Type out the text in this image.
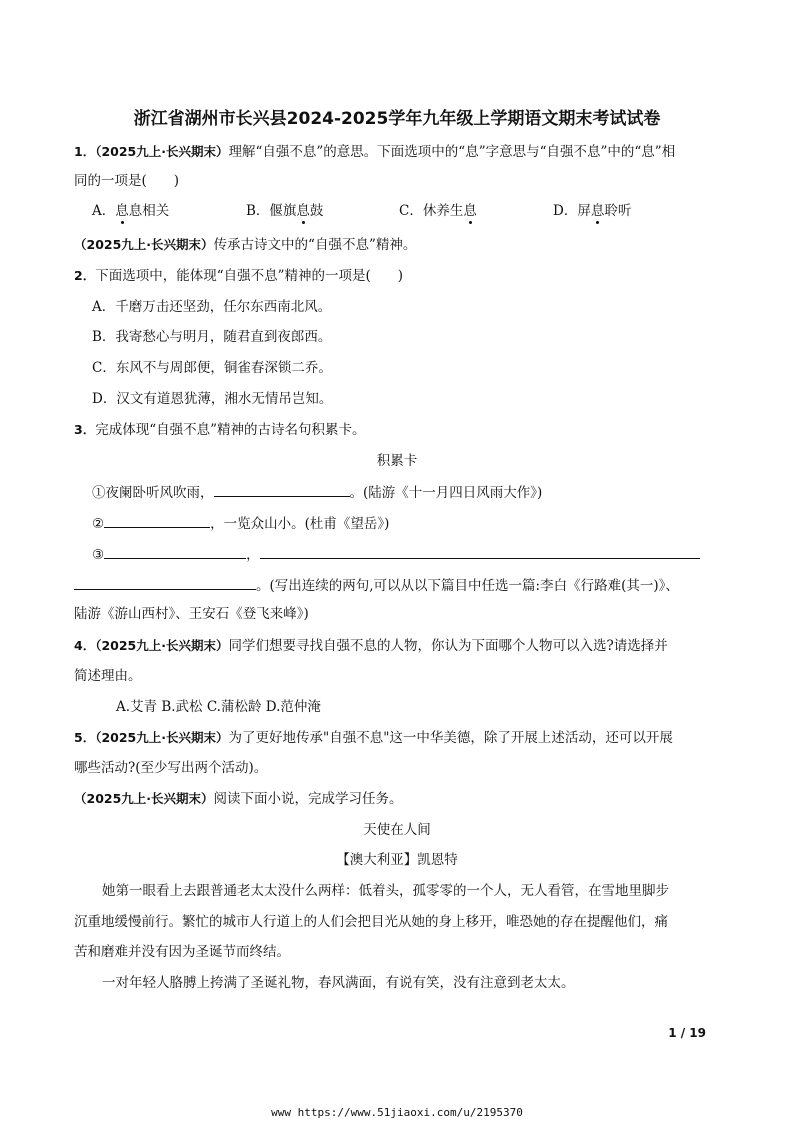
浙江省湖州市长兴县2024-2025学年九年级上学期语文期末考试试卷
1．（2025九上·长兴期末）理解“自强不息”的意思。下面选项中的“息”字意思与“自强不息”中的“息”相
同的一项是(　　)
A．息息相关	B．偃旗息鼓	C．休养生息	D．屏息聆听
（2025九上·长兴期末）传承古诗文中的“自强不息”精神。
2．下面选项中，能体现“自强不息”精神的一项是(　　)
A．千磨万击还坚劲，任尔东西南北风。
B．我寄愁心与明月，随君直到夜郎西。
C．东风不与周郎便，铜雀春深锁二乔。
D．汉文有道恩犹薄，湘水无情吊岂知。
3．完成体现“自强不息”精神的古诗名句积累卡。
积累卡
①夜阑卧听风吹雨，	。(陆游《十一月四日风雨大作》)
②	，一览众山小。(杜甫《望岳》)
③	，
。(写出连续的两句,可以从以下篇目中任选一篇:李白《行路难(其一)》、
陆游《游山西村》、王安石《登飞来峰》)
4．（2025九上·长兴期末）同学们想要寻找自强不息的人物，你认为下面哪个人物可以入选?请选择并
简述理由。
A.艾青 B.武松 C.蒲松龄 D.范仲淹
5．（2025九上·长兴期末）为了更好地传承"自强不息"这一中华美德，除了开展上述活动，还可以开展
哪些活动?(至少写出两个活动)。
（2025九上·长兴期末）阅读下面小说，完成学习任务。
天使在人间
【澳大利亚】凯恩特
她第一眼看上去跟普通老太太没什么两样：低着头，孤零零的一个人，无人看管，在雪地里脚步
沉重地缓慢前行。繁忙的城市人行道上的人们会把目光从她的身上移开，唯恐她的存在提醒他们，痛
苦和磨难并没有因为圣诞节而终结。
一对年轻人胳膊上挎满了圣诞礼物，春风满面，有说有笑，没有注意到老太太。
1 / 19
www https://www.51jiaoxi.com/u/2195370
